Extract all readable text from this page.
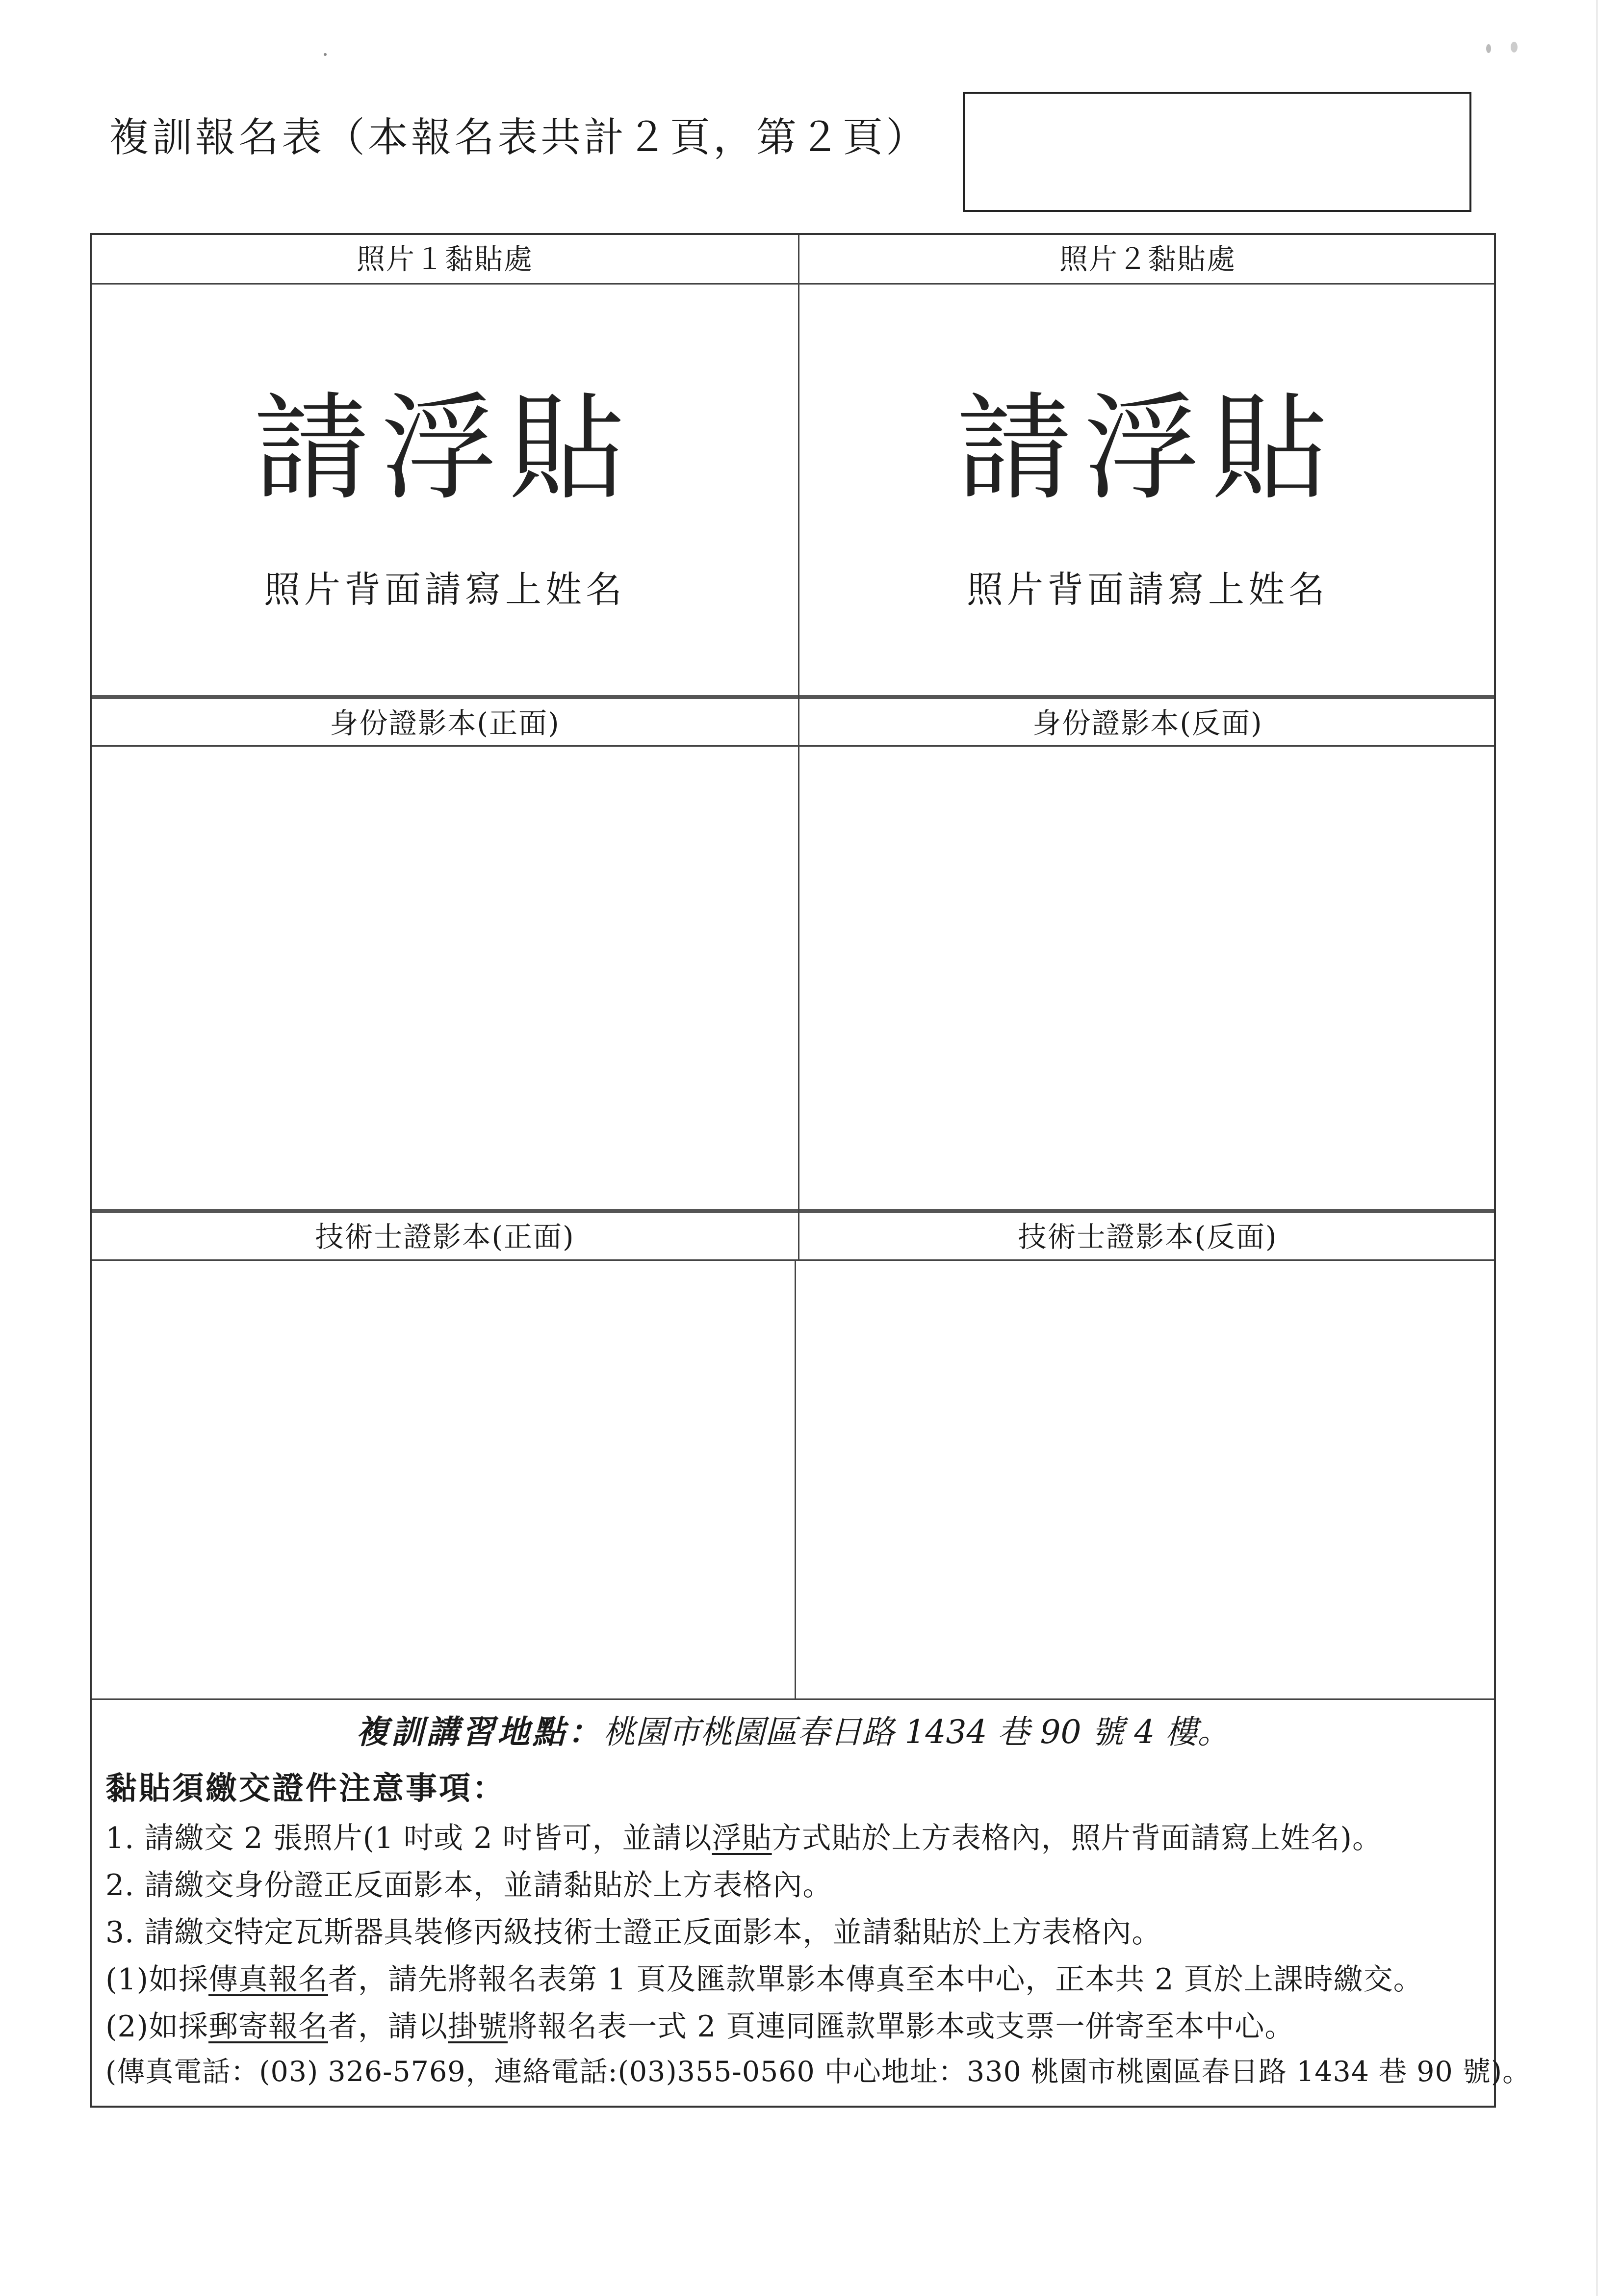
複訓報名表（本報名表共計２頁，第２頁）
照片１黏貼處	照片２黏貼處
請浮貼	請浮貼
照片背面請寫上姓名	照片背面請寫上姓名
身份證影本(正面)	身份證影本(反面)
技術士證影本(正面)	技術士證影本(反面)
複訓講習地點：桃園市桃園區春日路 1434 巷 90 號 4 樓。
黏貼須繳交證件注意事項：
1. 請繳交 2 張照片(1 吋或 2 吋皆可，並請以浮貼方式貼於上方表格內，照片背面請寫上姓名)。
2. 請繳交身份證正反面影本，並請黏貼於上方表格內。
3. 請繳交特定瓦斯器具裝修丙級技術士證正反面影本，並請黏貼於上方表格內。
(1)如採傳真報名者，請先將報名表第 1 頁及匯款單影本傳真至本中心，正本共 2 頁於上課時繳交。
(2)如採郵寄報名者，請以掛號將報名表一式 2 頁連同匯款單影本或支票一併寄至本中心。
(傳真電話：(03) 326-5769，連絡電話:(03)355-0560 中心地址：330 桃園市桃園區春日路 1434 巷 90 號)。
